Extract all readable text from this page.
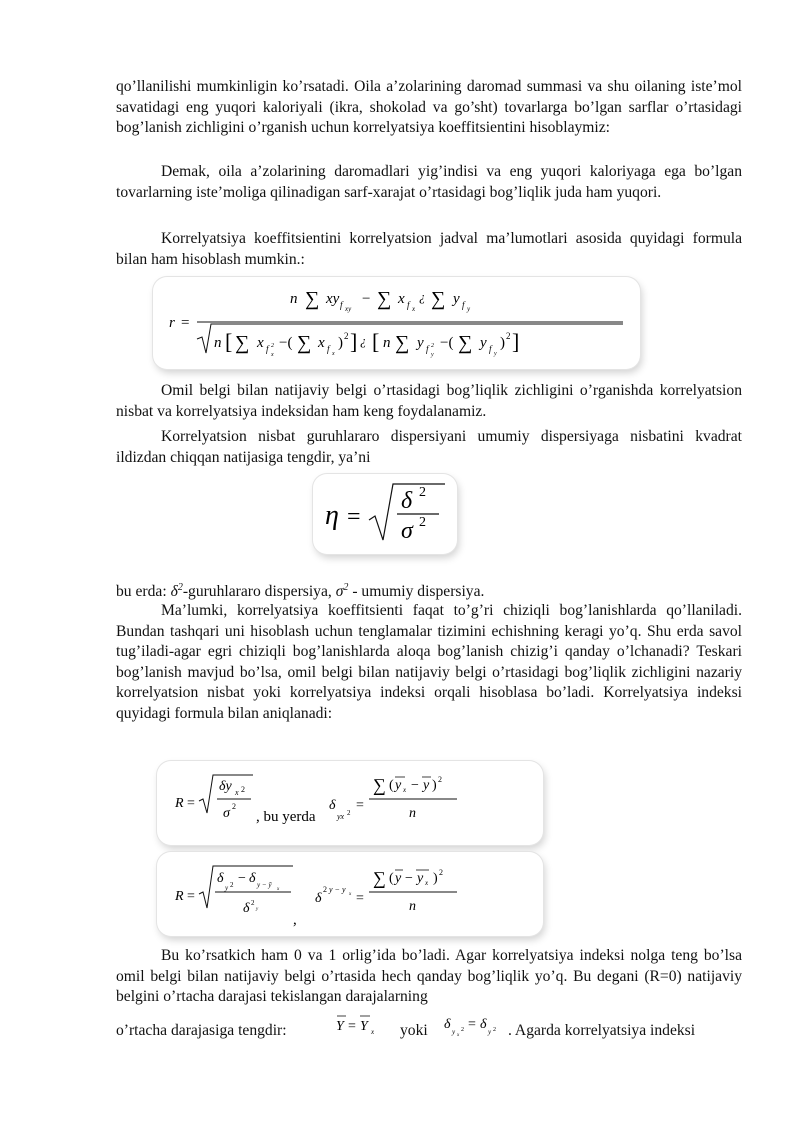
qo’llanilishi mumkinligin ko’rsatadi. Oila a’zolarining daromad summasi va shu oilaning iste’mol savatidagi eng yuqori kaloriyali (ikra, shokolad va go’sht) tovarlarga bo’lgan sarflar o’rtasidagi bog’lanish zichligini o’rganish uchun korrelyatsiya koeffitsientini hisoblaymiz:

Demak, oila a’zolarining daromadlari yig’indisi va eng yuqori kaloriyaga ega bo’lgan tovarlarning iste’moliga qilinadigan sarf-xarajat o’rtasidagi bog’liqlik juda ham yuqori.

Korrelyatsiya koeffitsientini korrelyatsion jadval ma’lumotlari asosida quyidagi formula bilan ham hisoblash mumkin.:

r =
n ∑ xy f xy
− ∑ x f x
¿ ∑ y f y
n [ ∑ x f 2
x
−( ∑ x f x
) 2 ] ¿ [ n ∑ y f 2
y
−( ∑ y f y
) 2 ]

Omil belgi bilan natijaviy belgi o’rtasidagi bog’liqlik zichligini o’rganishda korrelyatsion nisbat va korrelyatsiya indeksidan ham keng foydalanamiz.

Korrelyatsion nisbat guruhlararo dispersiyani umumiy dispersiyaga nisbatini kvadrat ildizdan chiqqan natijasiga tengdir, ya’ni

η =
δ 2
σ 2
bu erda: $\delta^2$-guruhlararo dispersiya, $\sigma^2$ - umumiy dispersiya.

Ma’lumki, korrelyatsiya koeffitsienti faqat to’g’ri chiziqli bog’lanishlarda qo’llaniladi. Bundan tashqari uni hisoblash uchun tenglamalar tizimini echishning keragi yo’q. Shu erda savol tug’iladi-agar egri chiziqli bog’lanishlarda aloqa bog’lanish chizig’i qanday o’lchanadi? Teskari bog’lanish mavjud bo’lsa, omil belgi bilan natijaviy belgi o’rtasidagi bog’liqlik zichligini nazariy korrelyatsion nisbat yoki korrelyatsiya indeksi orqali hisoblasa bo’ladi. Korrelyatsiya indeksi quyidagi formula bilan aniqlanadi:

R =
δy x 2
σ 2
, bu yerda
δ
yx 2 =
∑ ( y x − y ) 2
n
R =
δ
y 2 − δ y − ȳ
x
δ 2
y
,
δ
2 y − y
x =
∑ ( y − y x ) 2
n

Bu ko’rsatkich ham 0 va 1 orlig’ida bo’ladi. Agar korrelyatsiya indeksi nolga teng bo’lsa omil belgi bilan natijaviy belgi o’rtasida hech qanday bog’liqlik yo’q. Bu degani (R=0) natijaviy belgini o’rtacha darajasi tekislangan darajalarning

o’rtacha darajasiga tengdir:	Y = Y x yoki δ y x
2 = δ y 2 . Agarda korrelyatsiya indeksi
